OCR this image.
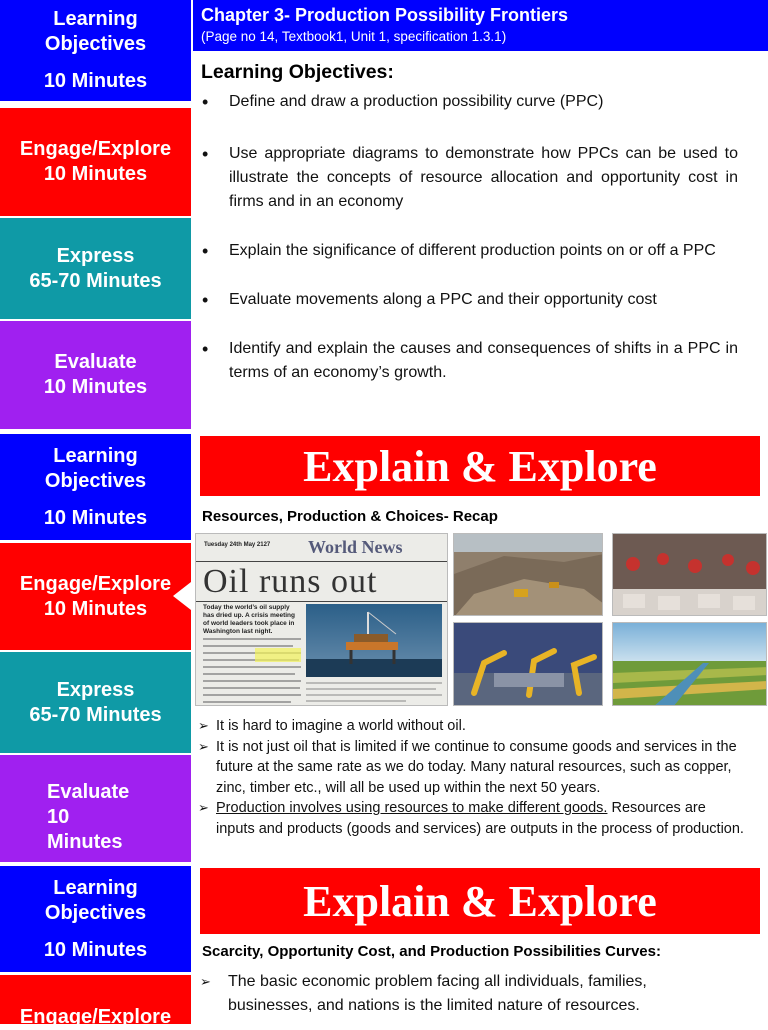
Learning
Objectives
10 Minutes
Engage/Explore
10 Minutes
Express
65-70 Minutes
Evaluate
10 Minutes
Chapter 3- Production Possibility Frontiers
(Page no 14, Textbook1, Unit 1, specification 1.3.1)
Learning Objectives:
• Define and draw a production possibility curve (PPC)
• Use appropriate diagrams to demonstrate how PPCs can be used to illustrate the concepts of resource allocation and opportunity cost in firms and in an economy
• Explain the significance of different production points on or off a PPC
• Evaluate movements along a PPC and their opportunity cost
• Identify and explain the causes and consequences of shifts in a PPC in terms of an economy’s growth.
Learning
Objectives
10 Minutes
Engage/Explore
10 Minutes
Express
65-70 Minutes
Evaluate
10
Minutes
Explain & Explore
Resources, Production & Choices- Recap
Tuesday 24th May 2127 World News
Oil runs out
Today the world’s oil supply has dried up. A crisis meeting of world leaders took place in Washington last night.
➢ It is hard to imagine a world without oil.
➢ It is not just oil that is limited if we continue to consume goods and services in the future at the same rate as we do today. Many natural resources, such as copper, zinc, timber etc., will all be used up within the next 50 years.
➢ Production involves using resources to make different goods. Resources are inputs and products (goods and services) are outputs in the process of production.
Learning
Objectives
10 Minutes
Engage/Explore
Explain & Explore
Scarcity, Opportunity Cost, and Production Possibilities Curves:
➢ The basic economic problem facing all individuals, families, businesses, and nations is the limited nature of resources.
